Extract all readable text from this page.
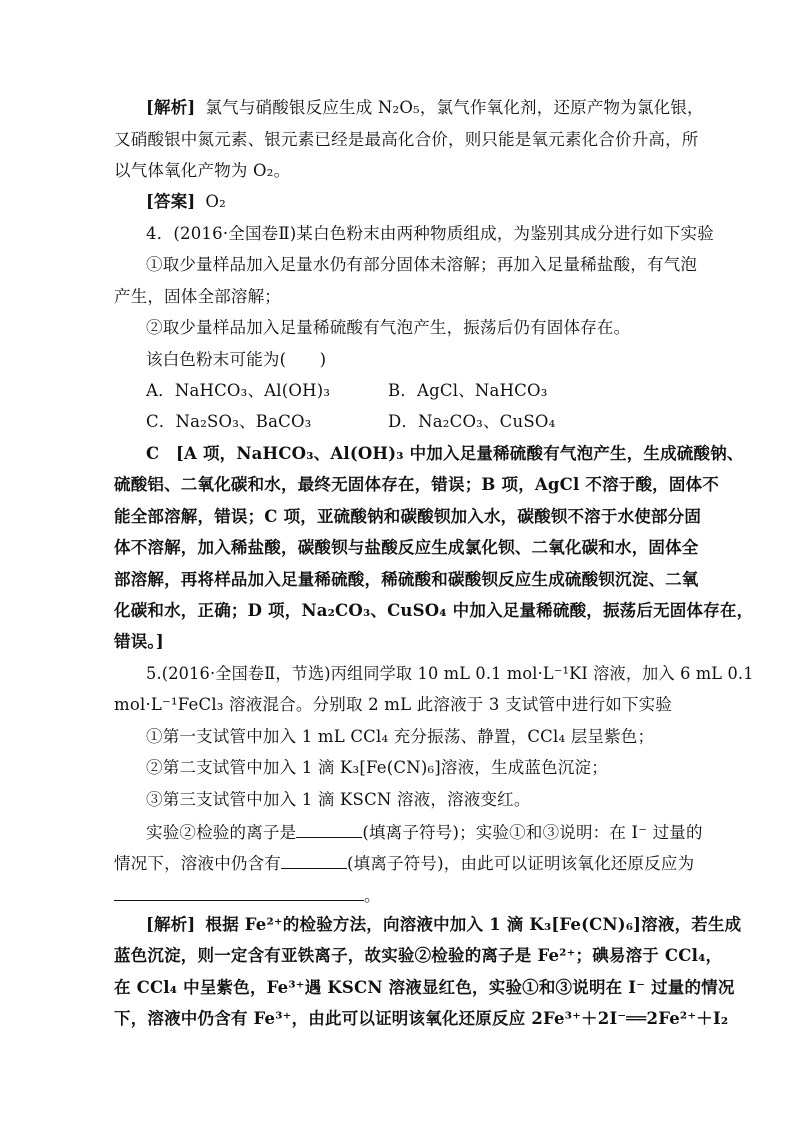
[解析] 氯气与硝酸银反应生成 N₂O₅，氯气作氧化剂，还原产物为氯化银，
又硝酸银中氮元素、银元素已经是最高化合价，则只能是氧元素化合价升高，所
以气体氧化产物为 O₂。
[答案] O₂
4．(2016·全国卷Ⅱ)某白色粉末由两种物质组成，为鉴别其成分进行如下实验
①取少量样品加入足量水仍有部分固体未溶解；再加入足量稀盐酸，有气泡
产生，固体全部溶解；
②取少量样品加入足量稀硫酸有气泡产生，振荡后仍有固体存在。
该白色粉末可能为(　　)
A．NaHCO₃、Al(OH)₃	B．AgCl、NaHCO₃
C．Na₂SO₃、BaCO₃	D．Na₂CO₃、CuSO₄
C　[A 项，NaHCO₃、Al(OH)₃ 中加入足量稀硫酸有气泡产生，生成硫酸钠、
硫酸铝、二氧化碳和水，最终无固体存在，错误；B 项，AgCl 不溶于酸，固体不
能全部溶解，错误；C 项，亚硫酸钠和碳酸钡加入水，碳酸钡不溶于水使部分固
体不溶解，加入稀盐酸，碳酸钡与盐酸反应生成氯化钡、二氧化碳和水，固体全
部溶解，再将样品加入足量稀硫酸，稀硫酸和碳酸钡反应生成硫酸钡沉淀、二氧
化碳和水，正确；D 项，Na₂CO₃、CuSO₄ 中加入足量稀硫酸，振荡后无固体存在，
错误。]
5.(2016·全国卷Ⅱ，节选)丙组同学取 10 mL 0.1 mol·L⁻¹KI 溶液，加入 6 mL 0.1
mol·L⁻¹FeCl₃ 溶液混合。分别取 2 mL 此溶液于 3 支试管中进行如下实验
①第一支试管中加入 1 mL CCl₄ 充分振荡、静置，CCl₄ 层呈紫色；
②第二支试管中加入 1 滴 K₃[Fe(CN)₆]溶液，生成蓝色沉淀；
③第三支试管中加入 1 滴 KSCN 溶液，溶液变红。
实验②检验的离子是	(填离子符号)；实验①和③说明：在 I⁻ 过量的
情况下，溶液中仍含有	(填离子符号)，由此可以证明该氧化还原反应为
。
[解析] 根据 Fe²⁺的检验方法，向溶液中加入 1 滴 K₃[Fe(CN)₆]溶液，若生成
蓝色沉淀，则一定含有亚铁离子，故实验②检验的离子是 Fe²⁺；碘易溶于 CCl₄，
在 CCl₄ 中呈紫色，Fe³⁺遇 KSCN 溶液显红色，实验①和③说明在 I⁻ 过量的情况
下，溶液中仍含有 Fe³⁺，由此可以证明该氧化还原反应 2Fe³⁺＋2I⁻══2Fe²⁺＋I₂
